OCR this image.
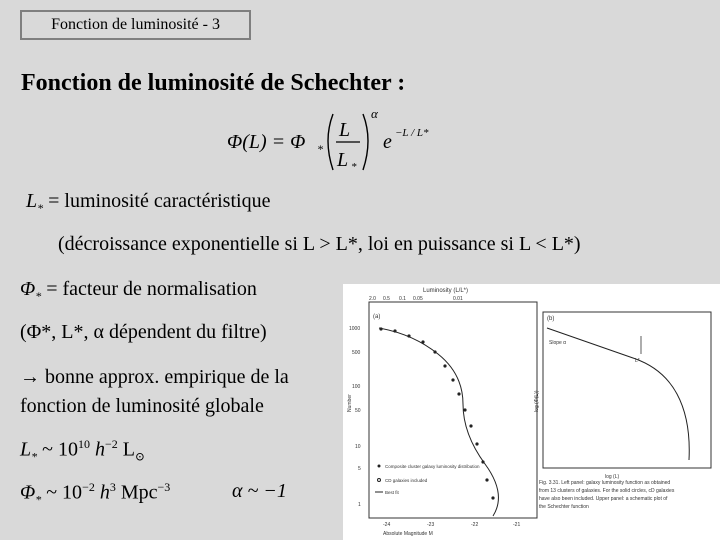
Fonction de luminosité - 3
Fonction de luminosité de Schechter :
Φ(L) = Φ *
L
L *
α
e −L / L*
$L_*$ = luminosité caractéristique
(décroissance exponentielle si L > L*, loi en puissance si L < L*)
$\Phi_*$ = facteur de normalisation
(Φ*, L*, α dépendent du filtre)
→ bonne approx. empirique de la
fonction de luminosité globale
$L_*$ ~ $10^{10}$ $h^{-2}$ $L_⊙$
$\Phi_*$ ~ $10^{-2}$ $h^3$ Mpc$^{-3}$	α ~ −1
Luminosity (L/L*)
2.0 0.5 0.1 0.05	0.01
(a)
1000
500
100
50
10
5
1
Number
-24	-23	-22	-21
Absolute Magnitude M
Composite cluster galaxy luminosity distribution
CD galaxies included
Best fit
(b)
log (Φ(L))
log (L)
Slope α
L*
Fig. 3.31. Left panel: galaxy luminosity function as obtained
from 13 clusters of galaxies. For the solid circles, cD galaxies
have also been included. Upper panel: a schematic plot of
the Schechter function
